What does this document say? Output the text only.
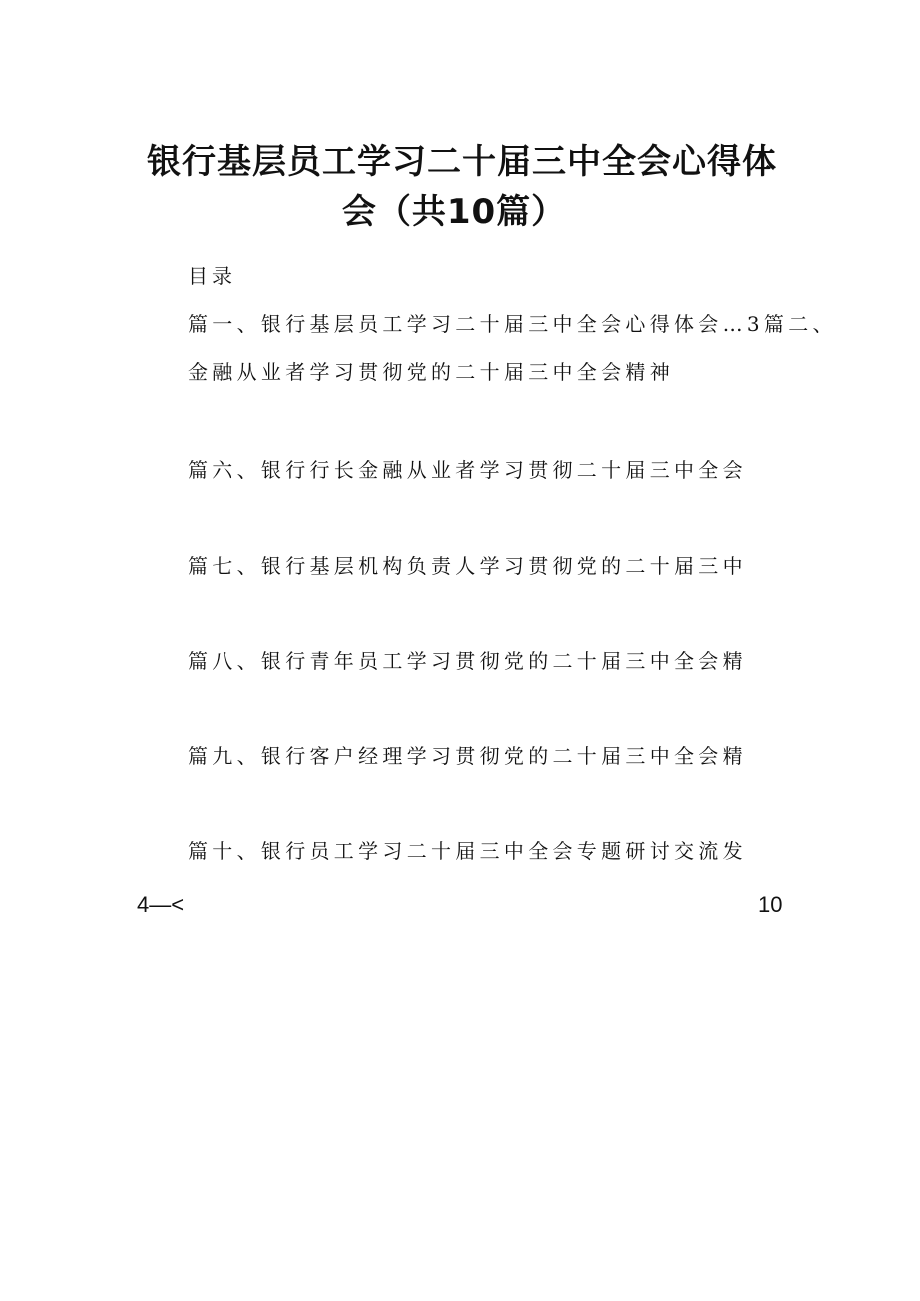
银行基层员工学习二十届三中全会心得体
会（共10篇）
目录
篇一、银行基层员工学习二十届三中全会心得体会…3篇二、
金融从业者学习贯彻党的二十届三中全会精神
篇六、银行行长金融从业者学习贯彻二十届三中全会
篇七、银行基层机构负责人学习贯彻党的二十届三中
篇八、银行青年员工学习贯彻党的二十届三中全会精
篇九、银行客户经理学习贯彻党的二十届三中全会精
篇十、银行员工学习二十届三中全会专题研讨交流发
4—<	10
